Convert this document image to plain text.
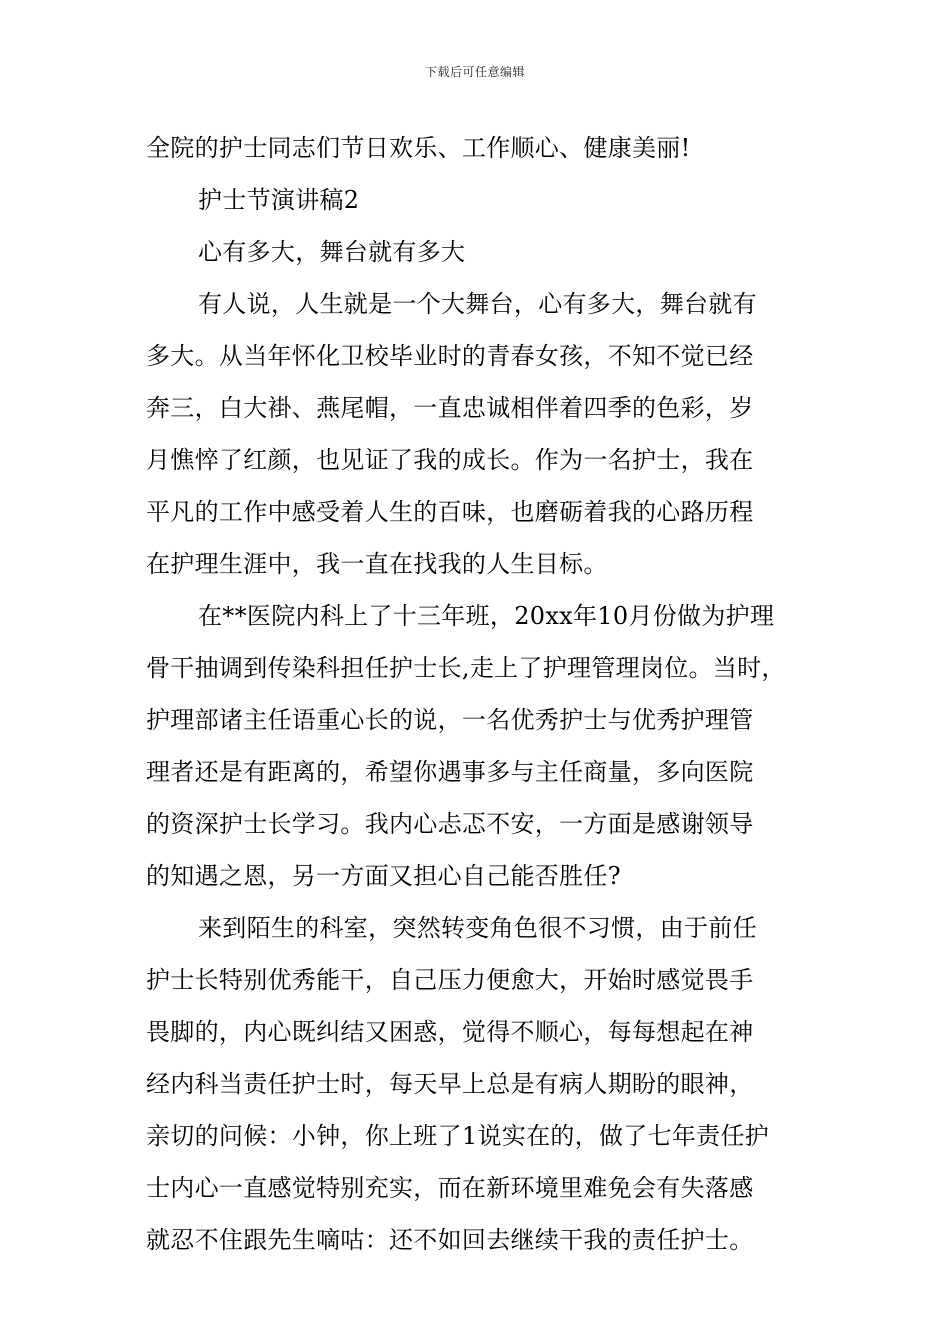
下载后可任意编辑
全院的护士同志们节日欢乐、工作顺心、健康美丽!
护士节演讲稿2
心有多大，舞台就有多大
有人说，人生就是一个大舞台，心有多大，舞台就有
多大。从当年怀化卫校毕业时的青春女孩，不知不觉已经
奔三，白大褂、燕尾帽，一直忠诚相伴着四季的色彩，岁
月憔悴了红颜，也见证了我的成长。作为一名护士，我在
平凡的工作中感受着人生的百味，也磨砺着我的心路历程
在护理生涯中，我一直在找我的人生目标。
在**医院内科上了十三年班，20xx年10月份做为护理
骨干抽调到传染科担任护士长,走上了护理管理岗位。当时，
护理部诸主任语重心长的说，一名优秀护士与优秀护理管
理者还是有距离的，希望你遇事多与主任商量，多向医院
的资深护士长学习。我内心忐忑不安，一方面是感谢领导
的知遇之恩，另一方面又担心自己能否胜任?
来到陌生的科室，突然转变角色很不习惯，由于前任
护士长特别优秀能干，自己压力便愈大，开始时感觉畏手
畏脚的，内心既纠结又困惑，觉得不顺心，每每想起在神
经内科当责任护士时，每天早上总是有病人期盼的眼神，
亲切的问候：小钟，你上班了1说实在的，做了七年责任护
士内心一直感觉特别充实，而在新环境里难免会有失落感
就忍不住跟先生嘀咕：还不如回去继续干我的责任护士。
